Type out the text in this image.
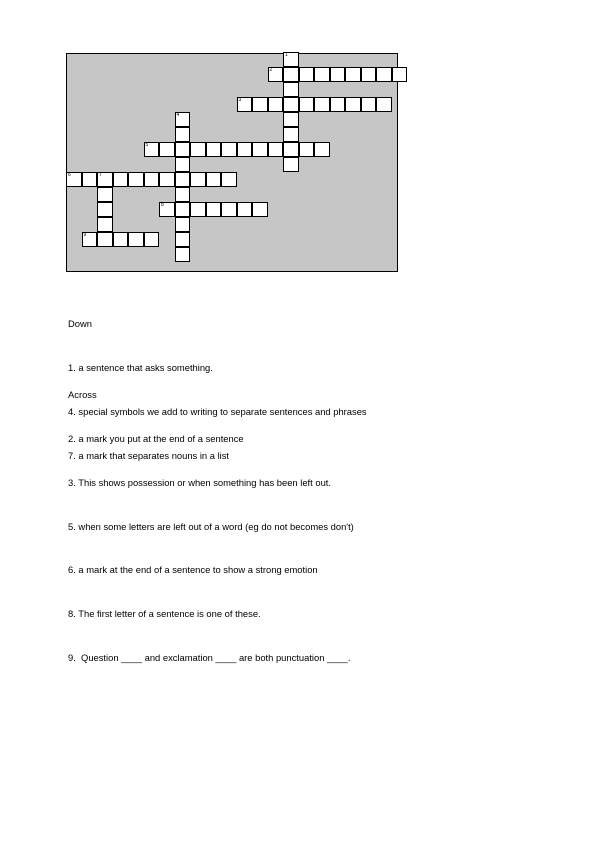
1
2
3
4
5
6	7
8
9

Down

1. a sentence that asks something.

4. special symbols we add to writing to separate sentences and phrases

7. a mark that separates nouns in a list

Across

2. a mark you put at the end of a sentence

3. This shows possession or when something has been left out.

5. when some letters are left out of a word (eg do not becomes don't)

6. a mark at the end of a sentence to show a strong emotion

8. The first letter of a sentence is one of these.

9.  Question ____ and exclamation ____ are both punctuation ____.
